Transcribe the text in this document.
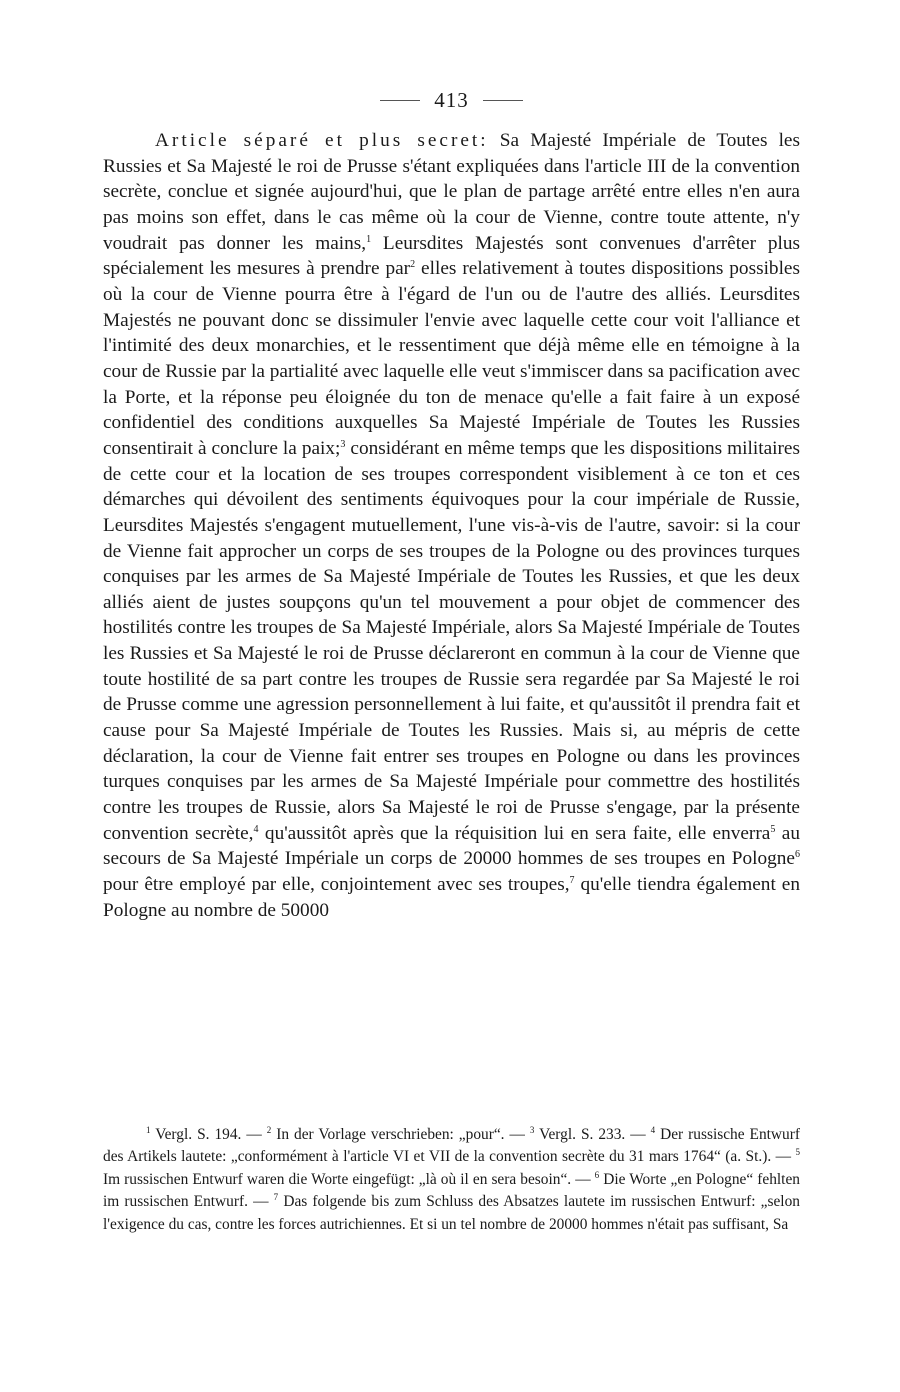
413

Article séparé et plus secret: Sa Majesté Impériale de Toutes les Russies et Sa Majesté le roi de Prusse s'étant expliquées dans l'article III de la convention secrète, conclue et signée aujourd'hui, que le plan de partage arrêté entre elles n'en aura pas moins son effet, dans le cas même où la cour de Vienne, contre toute attente, n'y voudrait pas donner les mains,$^1$ Leursdites Majestés sont convenues d'arrêter plus spécialement les mesures à prendre par$^2$ elles relativement à toutes dispositions possibles où la cour de Vienne pourra être à l'égard de l'un ou de l'autre des alliés. Leursdites Majestés ne pouvant donc se dissimuler l'envie avec laquelle cette cour voit l'alliance et l'intimité des deux monarchies, et le ressentiment que déjà même elle en témoigne à la cour de Russie par la partialité avec laquelle elle veut s'immiscer dans sa pacification avec la Porte, et la réponse peu éloignée du ton de menace qu'elle a fait faire à un exposé confidentiel des conditions auxquelles Sa Majesté Impériale de Toutes les Russies consentirait à conclure la paix;$^3$ considérant en même temps que les dispositions militaires de cette cour et la location de ses troupes correspondent visiblement à ce ton et ces démarches qui dévoilent des sentiments équivoques pour la cour impériale de Russie, Leursdites Majestés s'engagent mutuellement, l'une vis-à-vis de l'autre, savoir: si la cour de Vienne fait approcher un corps de ses troupes de la Pologne ou des provinces turques conquises par les armes de Sa Majesté Impériale de Toutes les Russies, et que les deux alliés aient de justes soupçons qu'un tel mouvement a pour objet de commencer des hostilités contre les troupes de Sa Majesté Impériale, alors Sa Majesté Impériale de Toutes les Russies et Sa Majesté le roi de Prusse déclareront en commun à la cour de Vienne que toute hostilité de sa part contre les troupes de Russie sera regardée par Sa Majesté le roi de Prusse comme une agression personnellement à lui faite, et qu'aussitôt il prendra fait et cause pour Sa Majesté Impériale de Toutes les Russies. Mais si, au mépris de cette déclaration, la cour de Vienne fait entrer ses troupes en Pologne ou dans les provinces turques conquises par les armes de Sa Majesté Impériale pour commettre des hostilités contre les troupes de Russie, alors Sa Majesté le roi de Prusse s'engage, par la présente convention secrète,$^4$ qu'aussitôt après que la réquisition lui en sera faite, elle enverra$^5$ au secours de Sa Majesté Impériale un corps de 20000 hommes de ses troupes en Pologne$^6$ pour être employé par elle, conjointement avec ses troupes,$^7$ qu'elle tiendra également en Pologne au nombre de 50000

$^1$ Vergl. S. 194. — $^2$ In der Vorlage verschrieben: „pour“. — $^3$ Vergl. S. 233. — $^4$ Der russische Entwurf des Artikels lautete: „conformément à l'article VI et VII de la convention secrète du 31 mars 1764“ (a. St.). — $^5$ Im russischen Entwurf waren die Worte eingefügt: „là où il en sera besoin“. — $^6$ Die Worte „en Pologne“ fehlten im russischen Entwurf. — $^7$ Das folgende bis zum Schluss des Absatzes lautete im russischen Entwurf: „selon l'exigence du cas, contre les forces autrichiennes. Et si un tel nombre de 20000 hommes n'était pas suffisant, Sa
